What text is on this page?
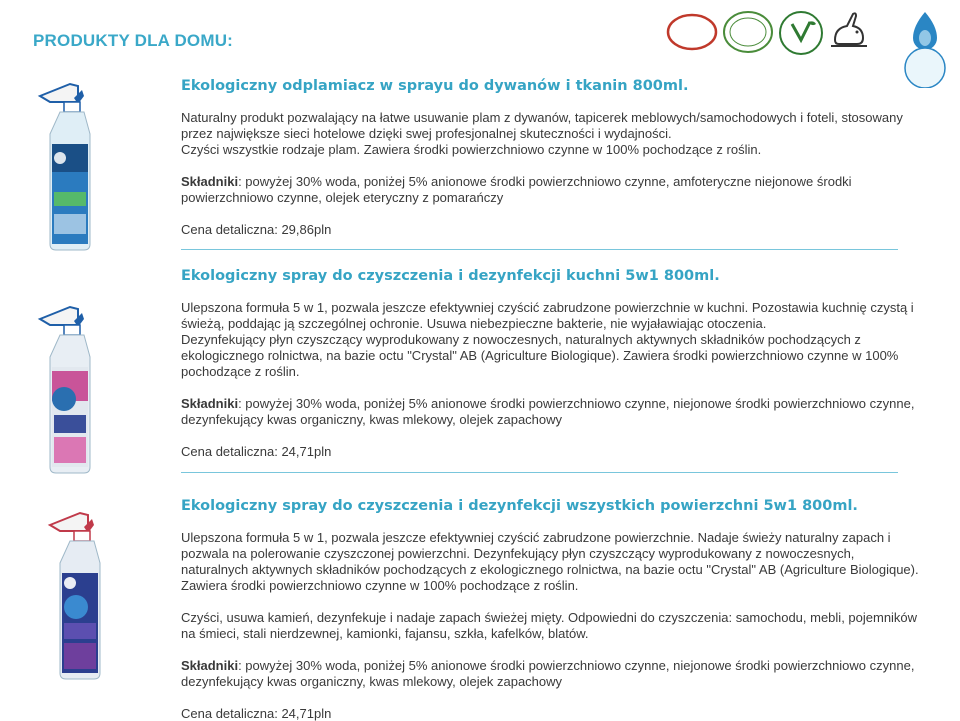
PRODUKTY DLA DOMU:
Ekologiczny odplamiacz w sprayu do dywanów i tkanin 800ml.

Naturalny produkt pozwalający na łatwe usuwanie plam z dywanów, tapicerek meblowych/samochodowych i foteli, stosowany przez największe sieci hotelowe dzięki swej profesjonalnej skuteczności i wydajności.

Czyści wszystkie rodzaje plam. Zawiera środki powierzchniowo czynne w 100% pochodzące z roślin.

Składniki: powyżej 30% woda, poniżej 5% anionowe środki powierzchniowo czynne, amfoteryczne niejonowe środki powierzchniowo czynne, olejek eteryczny z pomarańczy
Cena detaliczna: 29,86pln
Ekologiczny spray do czyszczenia i dezynfekcji kuchni 5w1 800ml.

Ulepszona formuła 5 w 1, pozwala jeszcze efektywniej czyścić zabrudzone powierzchnie w kuchni. Pozostawia kuchnię czystą i świeżą, poddając ją szczególnej ochronie. Usuwa niebezpieczne bakterie, nie wyjaławiając otoczenia.

Dezynfekujący płyn czyszczący wyprodukowany z nowoczesnych, naturalnych aktywnych składników pochodzących z ekologicznego rolnictwa, na bazie octu "Crystal" AB (Agriculture Biologique). Zawiera środki powierzchniowo czynne w 100% pochodzące z roślin.

Składniki: powyżej 30% woda, poniżej 5% anionowe środki powierzchniowo czynne, niejonowe środki powierzchniowo czynne, dezynfekujący kwas organiczny, kwas mlekowy, olejek zapachowy
Cena detaliczna: 24,71pln
Ekologiczny spray do czyszczenia i dezynfekcji wszystkich powierzchni 5w1 800ml.

Ulepszona formuła 5 w 1, pozwala jeszcze efektywniej czyścić zabrudzone powierzchnie. Nadaje świeży naturalny zapach i pozwala na polerowanie czyszczonej powierzchni. Dezynfekujący płyn czyszczący wyprodukowany z nowoczesnych, naturalnych aktywnych składników pochodzących z ekologicznego rolnictwa, na bazie octu "Crystal" AB (Agriculture Biologique).

Zawiera środki powierzchniowo czynne w 100% pochodzące z roślin.

Czyści, usuwa kamień, dezynfekuje i nadaje zapach świeżej mięty. Odpowiedni do czyszczenia: samochodu, mebli, pojemników na śmieci, stali nierdzewnej, kamionki, fajansu, szkła, kafelków, blatów.
Składniki: powyżej 30% woda, poniżej 5% anionowe środki powierzchniowo czynne, niejonowe środki powierzchniowo czynne, dezynfekujący kwas organiczny, kwas mlekowy, olejek zapachowy
Cena detaliczna: 24,71pln
